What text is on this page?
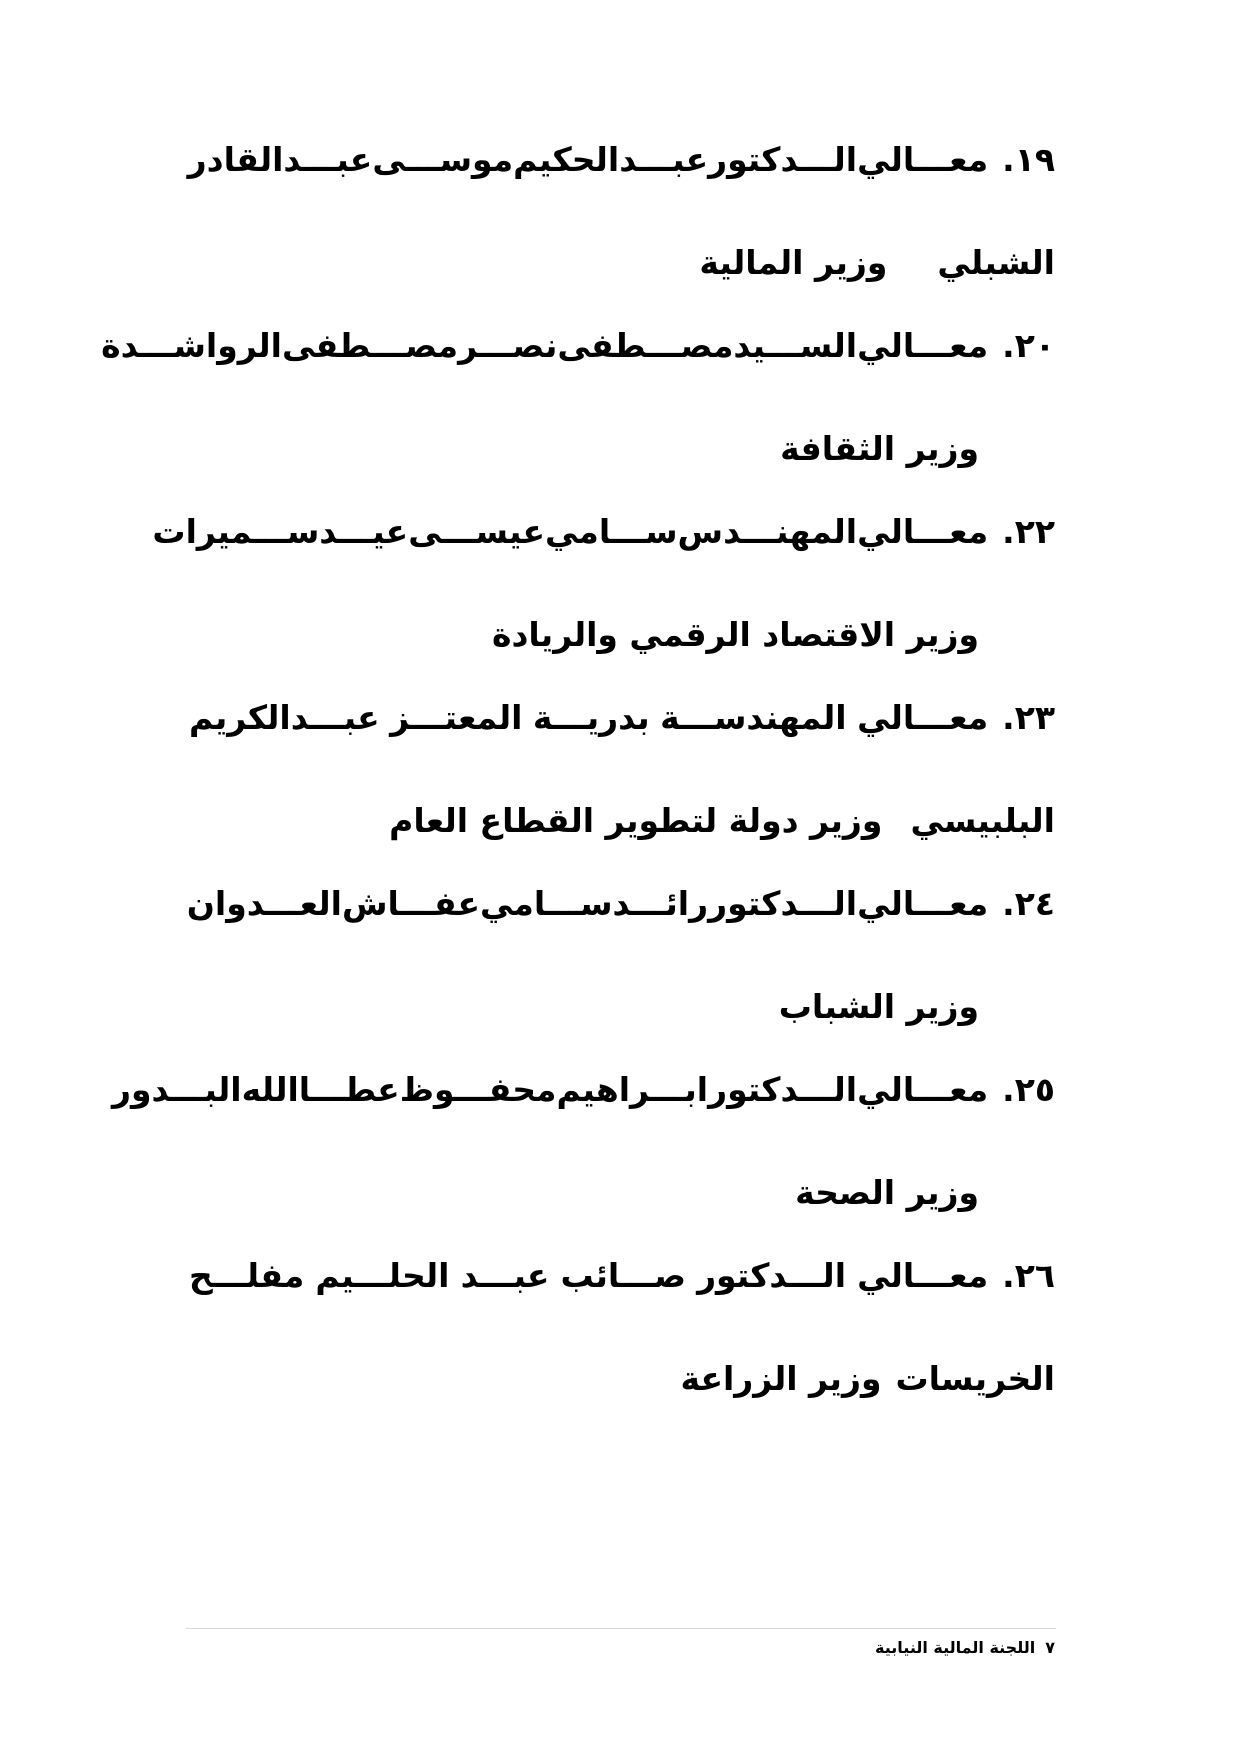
١٩.معـــالي
الـــدكتور
عبـــدالحكيم
موســـى
عبـــدالقادر
الشبليوزير المالية
٢٠.معـــالي
الســـيد
مصـــطفى
نصـــر
مصـــطفى
الرواشـــدة
وزير الثقافة
٢٢.معـــالي
المهنـــدس
ســـامي
عيســـى
عيـــد
ســـميرات
وزير الاقتصاد الرقمي والريادة
٢٣.معـــالي
المهندســـة
بدريـــة
المعتـــز
عبـــدالكريم
البلبيسيوزير دولة لتطوير القطاع العام
٢٤.معـــالي
الـــدكتور
رائـــد
ســـامي
عفـــاش
العـــدوان
وزير الشباب
٢٥.معـــالي
الـــدكتور
ابـــراهيم
محفـــوظ
عطـــا
الله
البـــدور
وزير الصحة
٢٦.معـــالي
الـــدكتور
صـــائب
عبـــد
الحلـــيم
مفلـــح
الخريساتوزير الزراعة
٧اللجنة المالية النيابية
